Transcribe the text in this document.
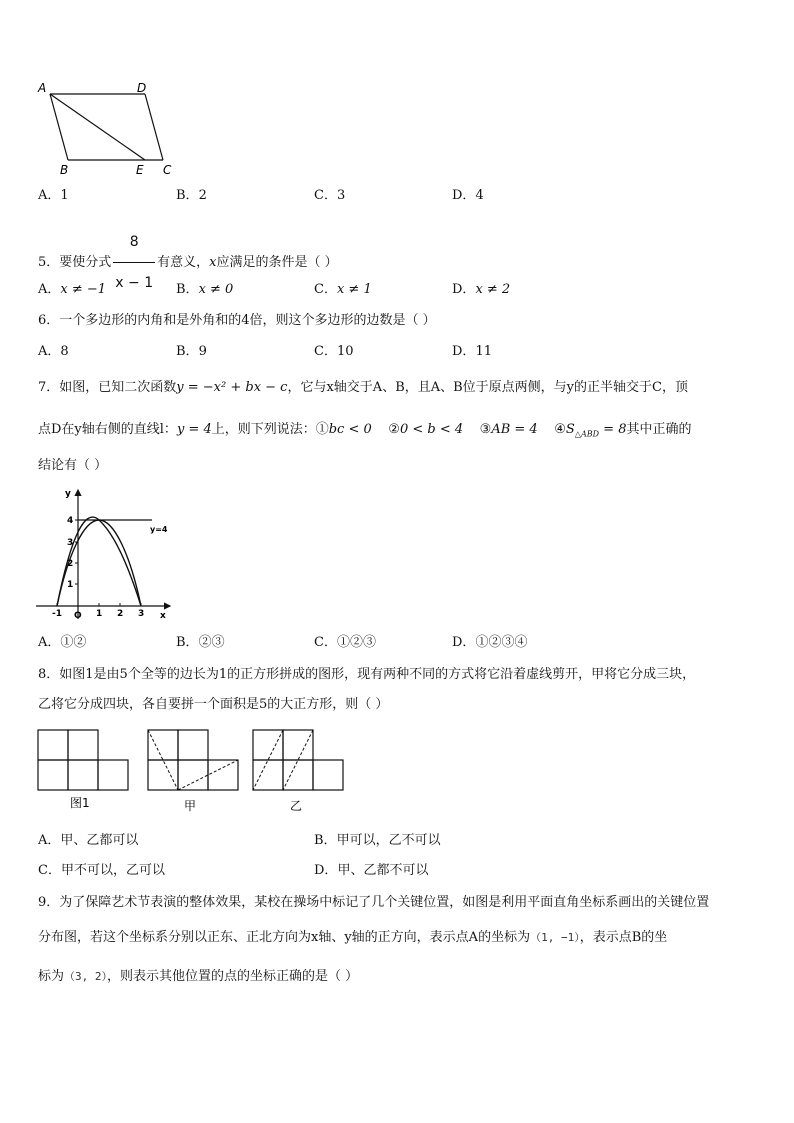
A	D
B	E C
A．1	B．2	C．3	D．4
5．要使分式 $\frac{8}{x - 1}$ 有意义，x应满足的条件是（ ）
A．x ≠ −1	B．x ≠ 0	C．x ≠ 1	D．x ≠ 2
6．一个多边形的内角和是外角和的4倍，则这个多边形的边数是（ ）
A．8	B．9	C．10	D．11
7．如图，已知二次函数y = −x² + bx − c，它与x轴交于A、B，且A、B位于原点两侧，与y的正半轴交于C，顶
点D在y轴右侧的直线l：y = 4上，则下列说法：①bc < 0 ②0 < b < 4 ③AB = 4 $④S_{\triangle ABD} = 8$其中正确的
结论有（ ）
y
x
O
y=4
4
3
2
1
-1	1 2 3
A．①②	B．②③	C．①②③	D．①②③④
8．如图1是由5个全等的边长为1的正方形拼成的图形，现有两种不同的方式将它沿着虚线剪开，甲将它分成三块，
乙将它分成四块，各自要拼一个面积是5的大正方形，则（ ）
图1	甲	乙
A．甲、乙都可以	B．甲可以，乙不可以
C．甲不可以，乙可以	D．甲、乙都不可以
9．为了保障艺术节表演的整体效果，某校在操场中标记了几个关键位置，如图是利用平面直角坐标系画出的关键位置
分布图，若这个坐标系分别以正东、正北方向为x轴、y轴的正方向，表示点A的坐标为（1, −1），表示点B的坐
标为（3, 2），则表示其他位置的点的坐标正确的是（ ）
